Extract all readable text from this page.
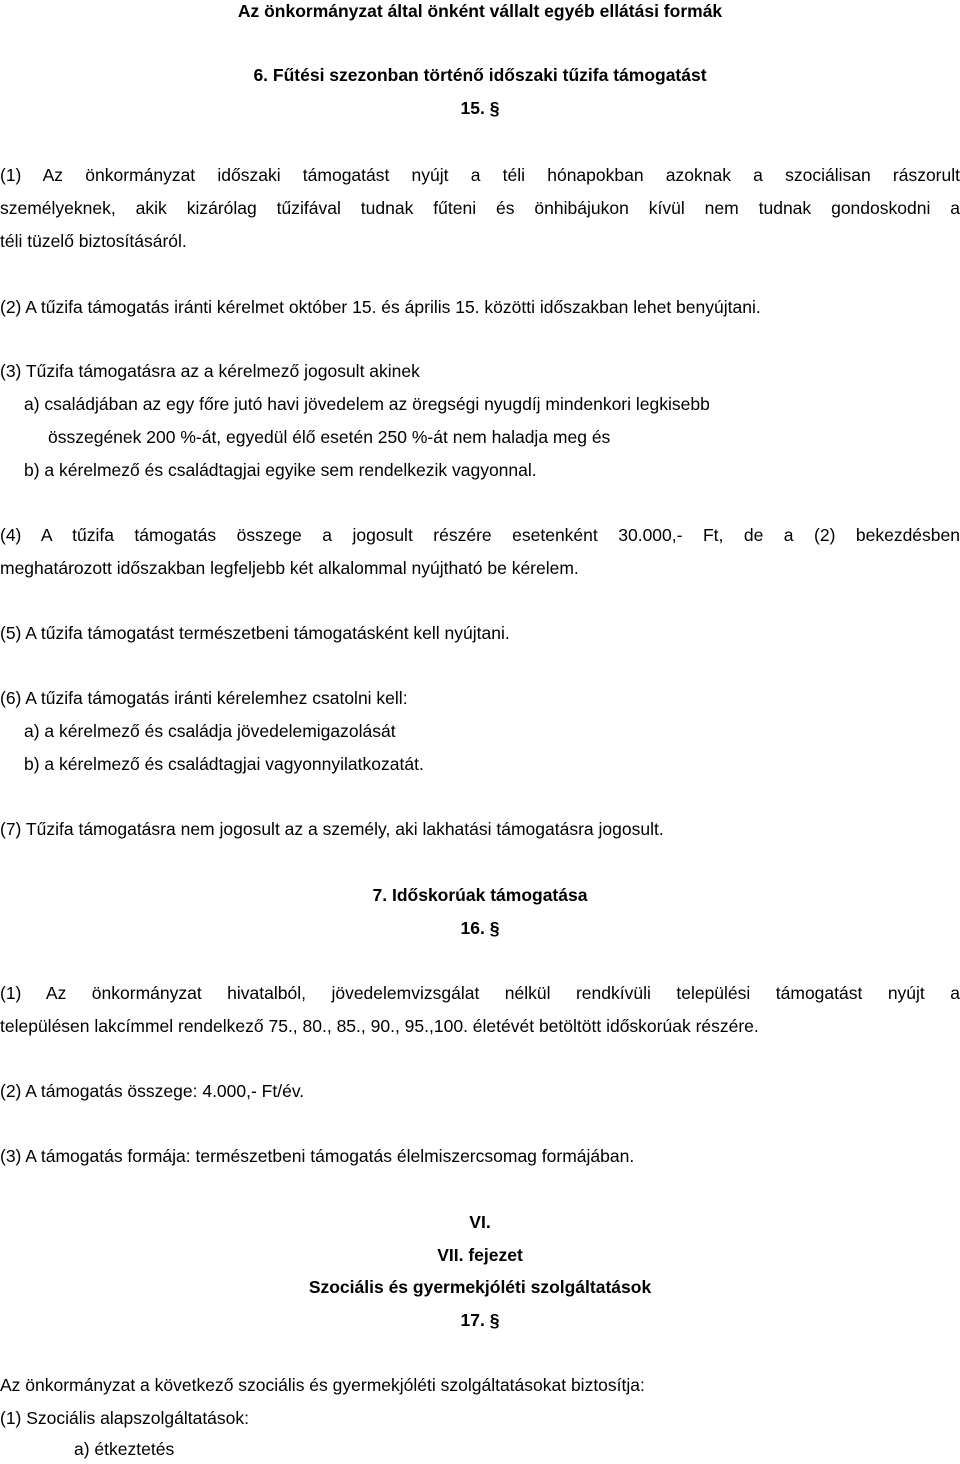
Az önkormányzat által önként vállalt egyéb ellátási formák
6. Fűtési szezonban történő időszaki tűzifa támogatást
15. §
(1) Az önkormányzat időszaki támogatást nyújt a téli hónapokban azoknak a szociálisan rászorult
személyeknek, akik kizárólag tűzifával tudnak fűteni és önhibájukon kívül nem tudnak gondoskodni a
téli tüzelő biztosításáról.
(2) A tűzifa támogatás iránti kérelmet október 15. és április 15. közötti időszakban lehet benyújtani.
(3) Tűzifa támogatásra az a kérelmező jogosult akinek
a) családjában az egy főre jutó havi jövedelem az öregségi nyugdíj mindenkori legkisebb
összegének 200 %-át, egyedül élő esetén 250 %-át nem haladja meg és
b) a kérelmező és családtagjai egyike sem rendelkezik vagyonnal.
(4) A tűzifa támogatás összege a jogosult részére esetenként 30.000,- Ft, de a (2) bekezdésben
meghatározott időszakban legfeljebb két alkalommal nyújtható be kérelem.
(5) A tűzifa támogatást természetbeni támogatásként kell nyújtani.
(6) A tűzifa támogatás iránti kérelemhez csatolni kell:
a) a kérelmező és családja jövedelemigazolását
b) a kérelmező és családtagjai vagyonnyilatkozatát.
(7) Tűzifa támogatásra nem jogosult az a személy, aki lakhatási támogatásra jogosult.
7. Időskorúak támogatása
16. §
(1) Az önkormányzat hivatalból, jövedelemvizsgálat nélkül rendkívüli települési támogatást nyújt a
településen lakcímmel rendelkező 75., 80., 85., 90., 95.,100. életévét betöltött időskorúak részére.
(2) A támogatás összege: 4.000,- Ft/év.
(3) A támogatás formája: természetbeni támogatás élelmiszercsomag formájában.
VI.
VII. fejezet
Szociális és gyermekjóléti szolgáltatások
17. §
Az önkormányzat a következő szociális és gyermekjóléti szolgáltatásokat biztosítja:
(1) Szociális alapszolgáltatások:
a) étkeztetés
